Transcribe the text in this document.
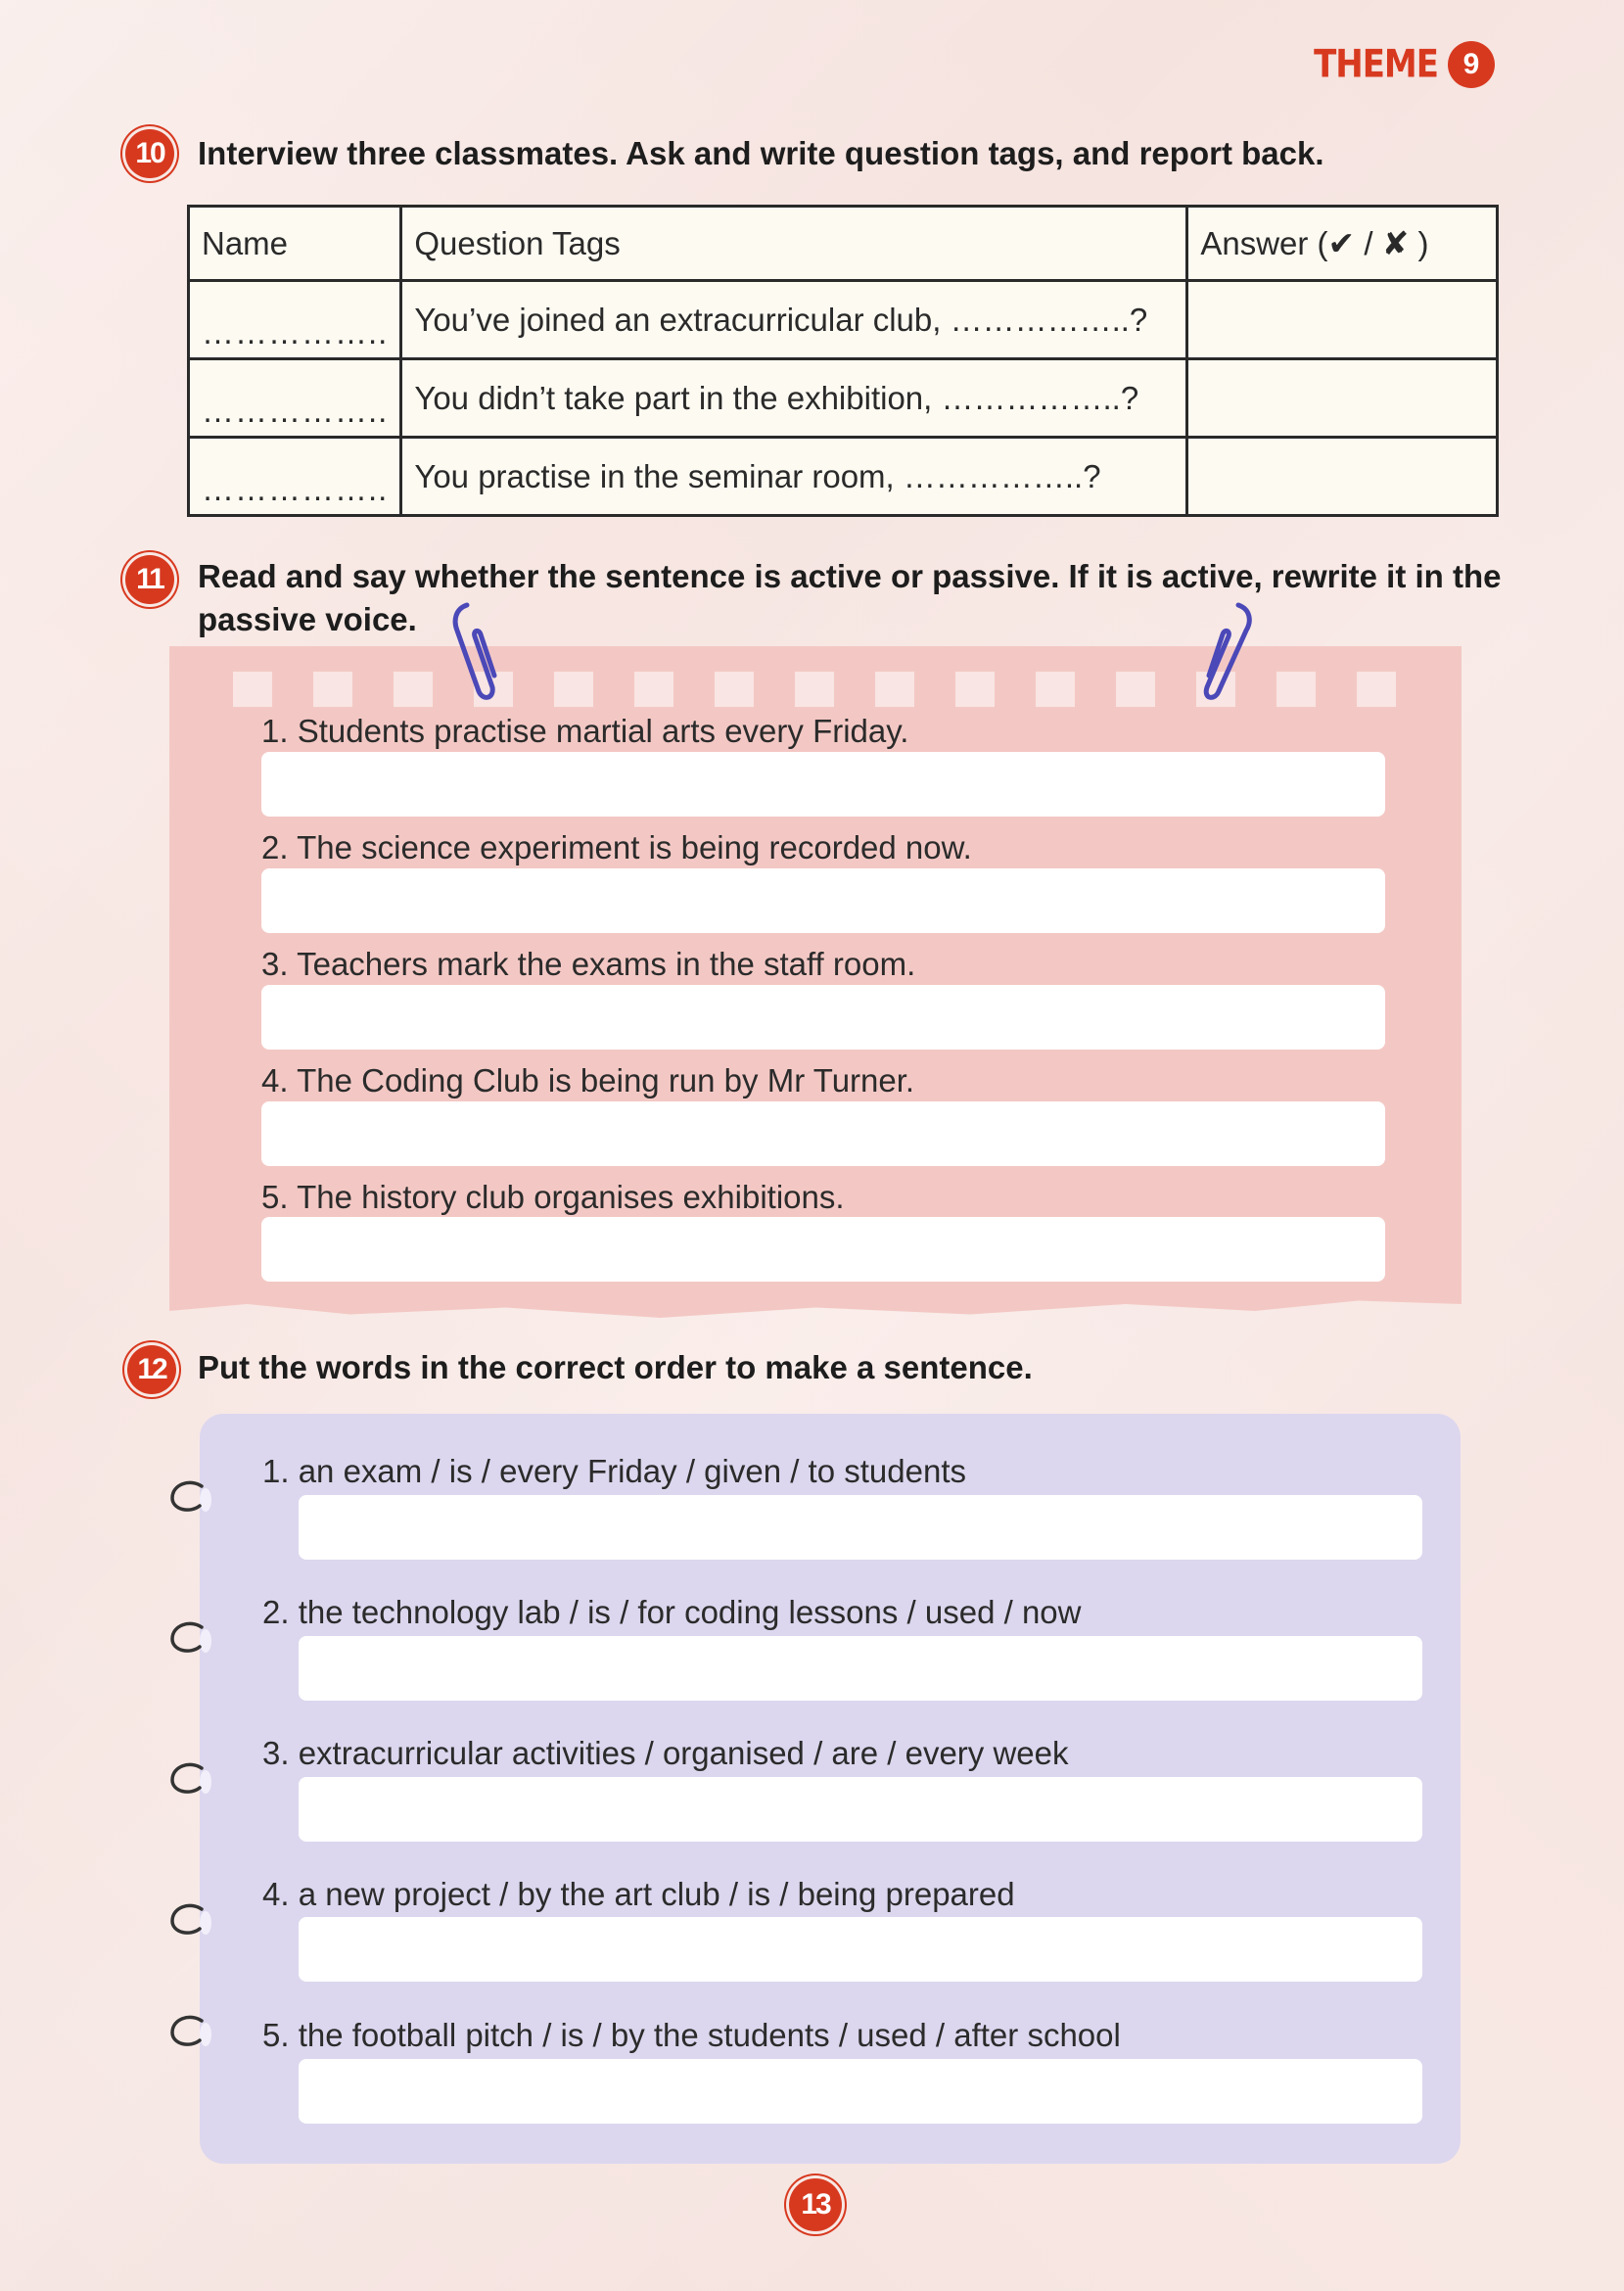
THEME 9
10	Interview three classmates. Ask and write question tags, and report back.
Name	Question Tags	Answer (✔ / ✘ )
……………..	You’ve joined an extracurricular club, ……………..?	
……………..	You didn’t take part in the exhibition, ……………..?	
……………..	You practise in the seminar room, ……………..?	
11	Read and say whether the sentence is active or passive. If it is active, rewrite it in the
passive voice.
1. Students practise martial arts every Friday.
2. The science experiment is being recorded now.
3. Teachers mark the exams in the staff room.
4. The Coding Club is being run by Mr Turner.
5. The history club organises exhibitions.
12 Put the words in the correct order to make a sentence.
1. an exam / is / every Friday / given / to students
2. the technology lab / is / for coding lessons / used / now
3. extracurricular activities / organised / are / every week
4. a new project / by the art club / is / being prepared
5. the football pitch / is / by the students / used / after school
13
